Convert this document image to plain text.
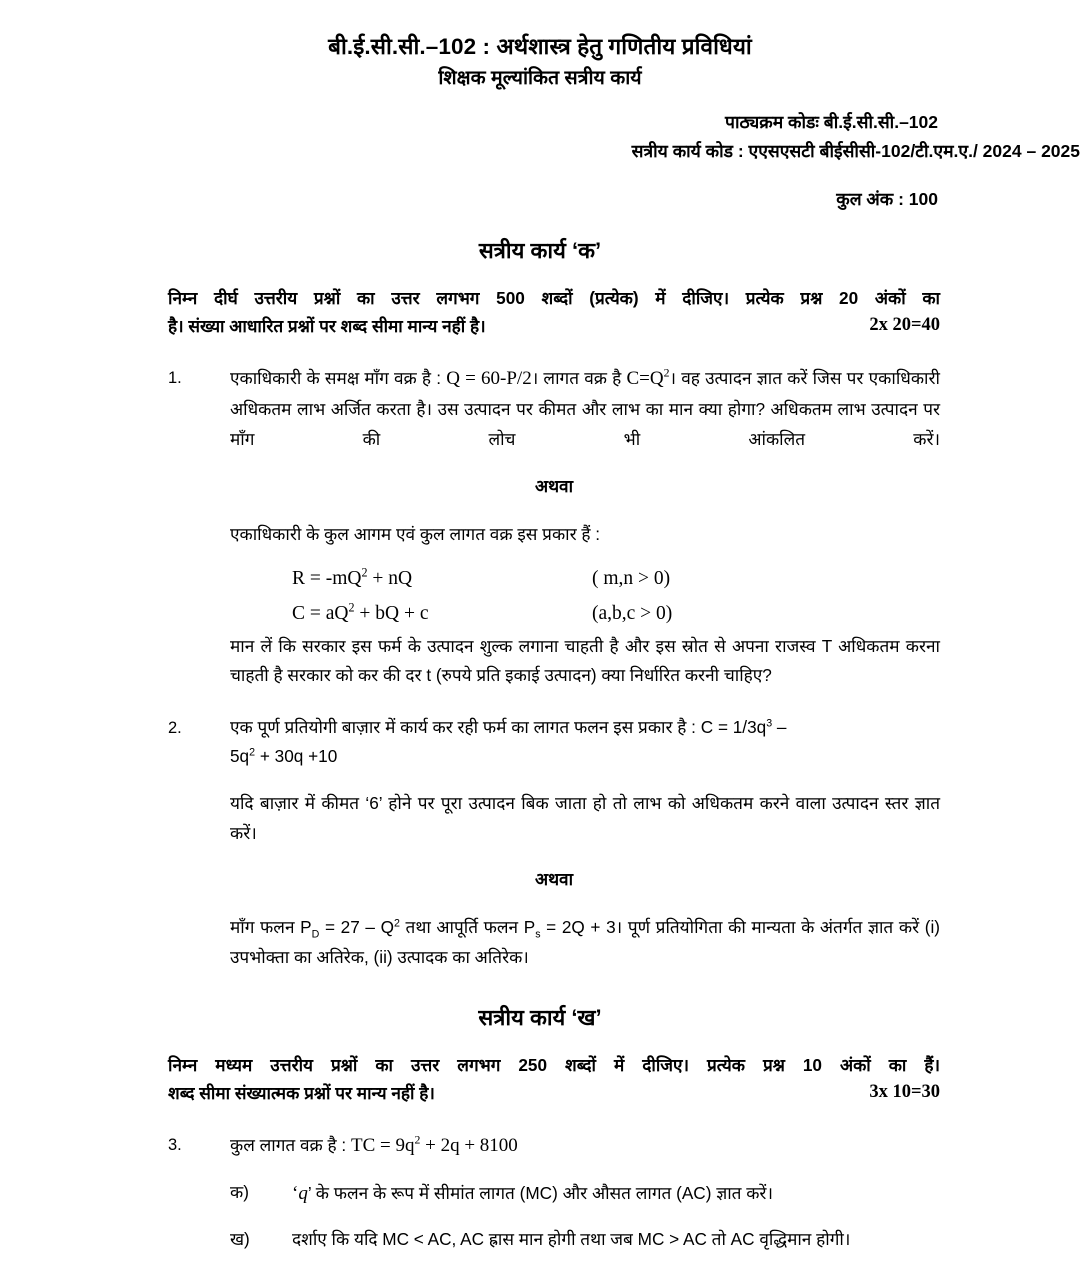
बी.ई.सी.सी.–102 : अर्थशास्त्र हेतु गणितीय प्रविधियां
शिक्षक मूल्यांकित सत्रीय कार्य
पाठ्यक्रम कोडः बी.ई.सी.सी.–102
सत्रीय कार्य कोड : एएसएसटी बीईसीसी-102/टी.एम.ए./ 2024 – 2025
कुल अंक : 100
सत्रीय कार्य ‘क’
निम्न दीर्घ उत्तरीय प्रश्नों का उत्तर लगभग 500 शब्दों (प्रत्येक) में दीजिए। प्रत्येक प्रश्न 20 अंकों का
है। संख्या आधारित प्रश्नों पर शब्द सीमा मान्य नहीं है।	2x 20=40
1.	एकाधिकारी के समक्ष माँग वक्र है : Q = 60-P/2। लागत वक्र है $C=Q^2।$ वह उत्पादन ज्ञात करें जिस पर एकाधिकारी अधिकतम लाभ अर्जित करता है। उस उत्पादन पर कीमत और लाभ का मान क्या होगा? अधिकतम लाभ उत्पादन पर माँग की लोच भी आंकलित करें।

अथवा

एकाधिकारी के कुल आगम एवं कुल लागत वक्र इस प्रकार हैं :

$R = -mQ^2$ + nQ	( m,n > 0)
$C = aQ^2$ + bQ + c	(a,b,c > 0)

मान लें कि सरकार इस फर्म के उत्पादन शुल्क लगाना चाहती है और इस स्रोत से अपना राजस्व T अधिकतम करना चाहती है सरकार को कर की दर t (रुपये प्रति इकाई उत्पादन) क्या निर्धारित करनी चाहिए?

2.	एक पूर्ण प्रतियोगी बाज़ार में कार्य कर रही फर्म का लागत फलन इस प्रकार है : $C = 1/3q^3$ –
$5q^2 + 30q +10$

यदि बाज़ार में कीमत ‘6’ होने पर पूरा उत्पादन बिक जाता हो तो लाभ को अधिकतम करने वाला उत्पादन स्तर ज्ञात करें।

अथवा

माँग फलन $P_D = 27 - Q^2$ तथा आपूर्ति फलन $P_s = 2Q$ + 3। पूर्ण प्रतियोगिता की मान्यता के अंतर्गत ज्ञात करें (i) उपभोक्ता का अतिरेक, (ii) उत्पादक का अतिरेक।

सत्रीय कार्य ‘ख’
निम्न मध्यम उत्तरीय प्रश्नों का उत्तर लगभग 250 शब्दों में दीजिए। प्रत्येक प्रश्न 10 अंकों का हैं।
शब्द सीमा संख्यात्मक प्रश्नों पर मान्य नहीं है।	3x 10=30
3.	कुल लागत वक्र है : TC = $9q^2 + 2q + 8100$

क)	‘q’ के फलन के रूप में सीमांत लागत (MC) और औसत लागत (AC) ज्ञात करें।
ख)	दर्शाए कि यदि MC < AC, AC ह्रास मान होगी तथा जब MC > AC तो AC वृद्धिमान होगी।
